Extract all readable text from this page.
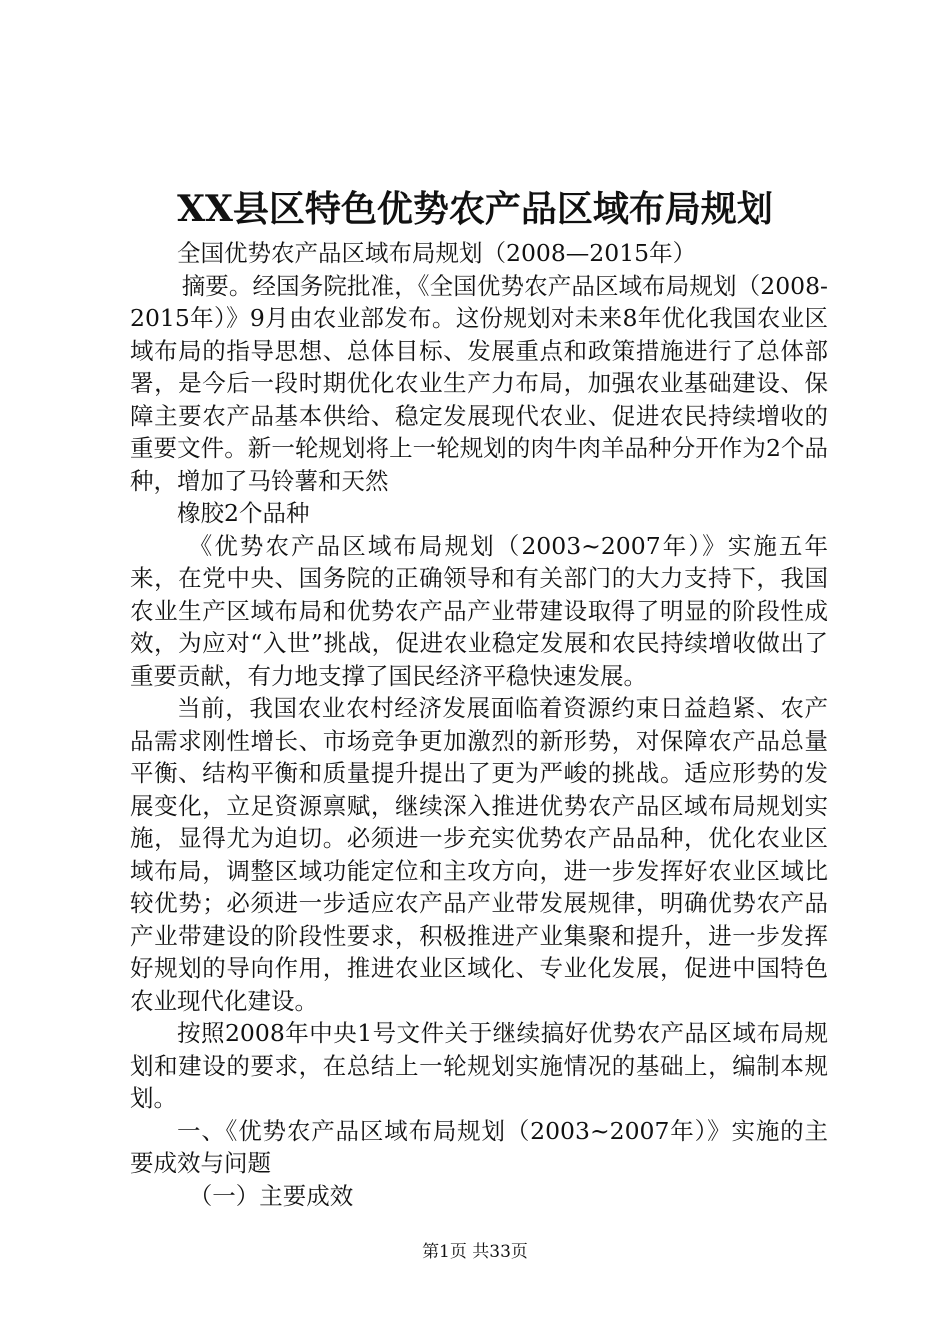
XX县区特色优势农产品区域布局规划

全国优势农产品区域布局规划（2008—2015年）

摘要。经国务院批准，《全国优势农产品区域布局规划（2008-2015年）》9月由农业部发布。这份规划对未来8年优化我国农业区域布局的指导思想、总体目标、发展重点和政策措施进行了总体部署，是今后一段时期优化农业生产力布局，加强农业基础建设、保障主要农产品基本供给、稳定发展现代农业、促进农民持续增收的重要文件。新一轮规划将上一轮规划的肉牛肉羊品种分开作为2个品种，增加了马铃薯和天然

橡胶2个品种

《优势农产品区域布局规划（2003~2007年）》实施五年来，在党中央、国务院的正确领导和有关部门的大力支持下，我国农业生产区域布局和优势农产品产业带建设取得了明显的阶段性成效，为应对“入世”挑战，促进农业稳定发展和农民持续增收做出了重要贡献，有力地支撑了国民经济平稳快速发展。

当前，我国农业农村经济发展面临着资源约束日益趋紧、农产品需求刚性增长、市场竞争更加激烈的新形势，对保障农产品总量平衡、结构平衡和质量提升提出了更为严峻的挑战。适应形势的发展变化，立足资源禀赋，继续深入推进优势农产品区域布局规划实施，显得尤为迫切。必须进一步充实优势农产品品种，优化农业区域布局，调整区域功能定位和主攻方向，进一步发挥好农业区域比较优势；必须进一步适应农产品产业带发展规律，明确优势农产品产业带建设的阶段性要求，积极推进产业集聚和提升，进一步发挥好规划的导向作用，推进农业区域化、专业化发展，促进中国特色农业现代化建设。

按照2008年中央1号文件关于继续搞好优势农产品区域布局规划和建设的要求，在总结上一轮规划实施情况的基础上，编制本规划。

一、《优势农产品区域布局规划（2003~2007年）》实施的主要成效与问题

（一）主要成效

第1页 共33页
